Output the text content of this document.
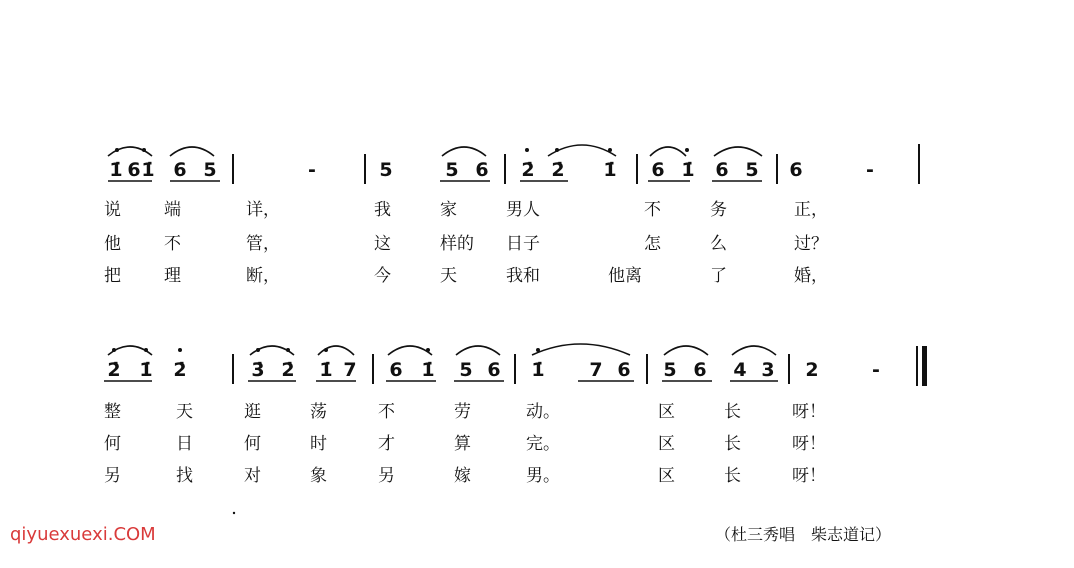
1̇ 6 1̇ 6 5	-	5	5 6 2̇ 2̇ 1̇ 6 1̇ 6 5 6	-
说	端	详，	我	家	男人	不	务	正，
他	不	管，	这	样的	日子	怎	么	过？
把	理	断，	今	天	我和	他离	了	婚，
2̇ 1̇ 2̇	3̇ 2̇ 1̇ 7 6 1̇ 5 6 1̇ 7 6 5 6 4 3 2	-
整	天	逛	荡	不	劳	动。	区	长	呀！
何	日	何	时	才	算	完。	区	长	呀！
另	找	对	象	另	嫁	男。	区	长	呀！
qiyuexuexi.COM	（杜三秀唱　柴志道记）
